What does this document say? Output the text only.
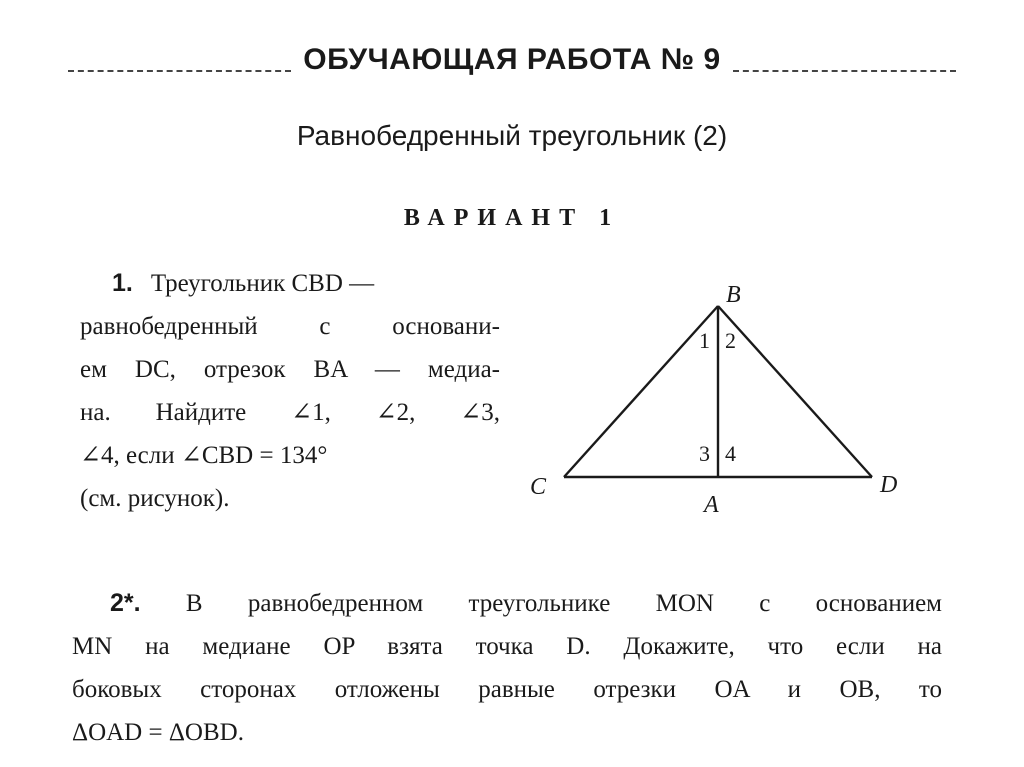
ОБУЧАЮЩАЯ РАБОТА № 9
Равнобедренный треугольник (2)
ВАРИАНТ 1
1. Треугольник CBD —
равнобедренный с основани-
ем DC, отрезок BA — медиа-
на. Найдите ∠1, ∠2, ∠3,
∠4, если ∠CBD = 134°
(см. рисунок).
B
C	D
A
1 2
3 4
2*. В равнобедренном треугольнике MON с основанием
MN на медиане OP взята точка D. Докажите, что если на
боковых сторонах отложены равные отрезки OA и OB, то
ΔOAD = ΔOBD.
